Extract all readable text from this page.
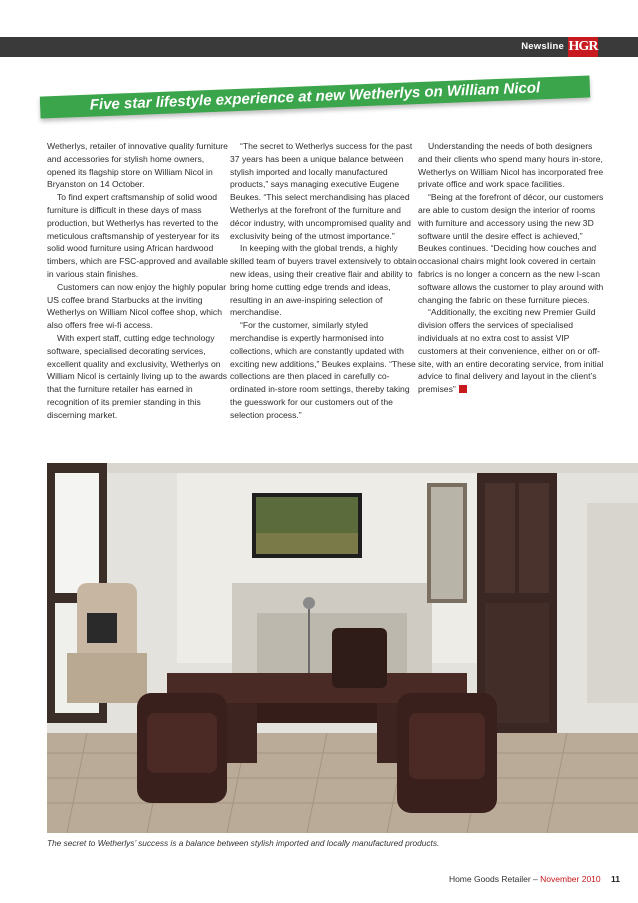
Newsline HGR
Five star lifestyle experience at new Wetherlys on William Nicol

Wetherlys, retailer of innovative quality furniture and accessories for stylish home owners, opened its flagship store on William Nicol in Bryanston on 14 October.

To find expert craftsmanship of solid wood furniture is difficult in these days of mass production, but Wetherlys has reverted to the meticulous craftsmanship of yesteryear for its solid wood furniture using African hardwood timbers, which are FSC-approved and available in various stain finishes.

Customers can now enjoy the highly popular US coffee brand Starbucks at the inviting Wetherlys on William Nicol coffee shop, which also offers free wi-fi access.

With expert staff, cutting edge technology software, specialised decorating services, excellent quality and exclusivity, Wetherlys on William Nicol is certainly living up to the awards that the furniture retailer has earned in recognition of its premier standing in this discerning market.

“The secret to Wetherlys success for the past 37 years has been a unique balance between stylish imported and locally manufactured products,” says managing executive Eugene Beukes. “This select merchandising has placed Wetherlys at the forefront of the furniture and décor industry, with uncompromised quality and exclusivity being of the utmost importance.”

In keeping with the global trends, a highly skilled team of buyers travel extensively to obtain new ideas, using their creative flair and ability to bring home cutting edge trends and ideas, resulting in an awe-inspiring selection of merchandise.

“For the customer, similarly styled merchandise is expertly harmonised into collections, which are constantly updated with exciting new additions,” Beukes explains. “These collections are then placed in carefully co-ordinated in-store room settings, thereby taking the guesswork for our customers out of the selection process.”

Understanding the needs of both designers and their clients who spend many hours in-store, Wetherlys on William Nicol has incorporated free private office and work space facilities.

“Being at the forefront of décor, our customers are able to custom design the interior of rooms with furniture and accessory using the new 3D software until the desire effect is achieved,” Beukes continues. “Deciding how couches and occasional chairs might look covered in certain fabrics is no longer a concern as the new I-scan software allows the customer to play around with changing the fabric on these furniture pieces.

“Additionally, the exciting new Premier Guild division offers the services of specialised individuals at no extra cost to assist VIP customers at their convenience, either on or off-site, with an entire decorating service, from initial advice to final delivery and layout in the client’s premises”

The secret to Wetherlys’ success is a balance between stylish imported and locally manufactured products.
Home Goods Retailer – November 2010 11
